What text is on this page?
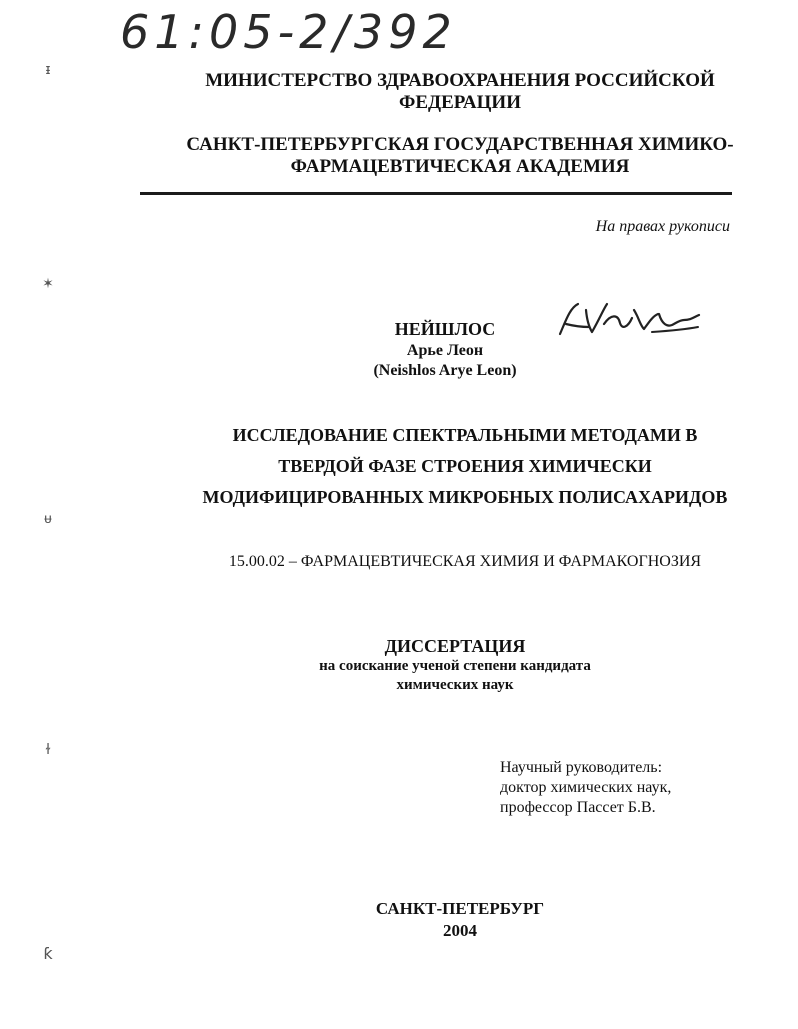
61:05-2/392
МИНИСТЕРСТВО ЗДРАВООХРАНЕНИЯ РОССИЙСКОЙ
ФЕДЕРАЦИИ
САНКТ-ПЕТЕРБУРГСКАЯ ГОСУДАРСТВЕННАЯ ХИМИКО-
ФАРМАЦЕВТИЧЕСКАЯ АКАДЕМИЯ
На правах рукописи
НЕЙШЛОС
Арье Леон
(Neishlos Arye Leon)
ИССЛЕДОВАНИЕ СПЕКТРАЛЬНЫМИ МЕТОДАМИ В
ТВЕРДОЙ ФАЗЕ СТРОЕНИЯ ХИМИЧЕСКИ
МОДИФИЦИРОВАННЫХ МИКРОБНЫХ ПОЛИСАХАРИДОВ
15.00.02 – ФАРМАЦЕВТИЧЕСКАЯ ХИМИЯ И ФАРМАКОГНОЗИЯ
ДИССЕРТАЦИЯ
на соискание ученой степени кандидата
химических наук
Научный руководитель:
доктор химических наук,
профессор Пассет Б.В.
САНКТ-ПЕТЕРБУРГ
2004
ᵻ
✶
ᵾ
ɫ
ƙ
